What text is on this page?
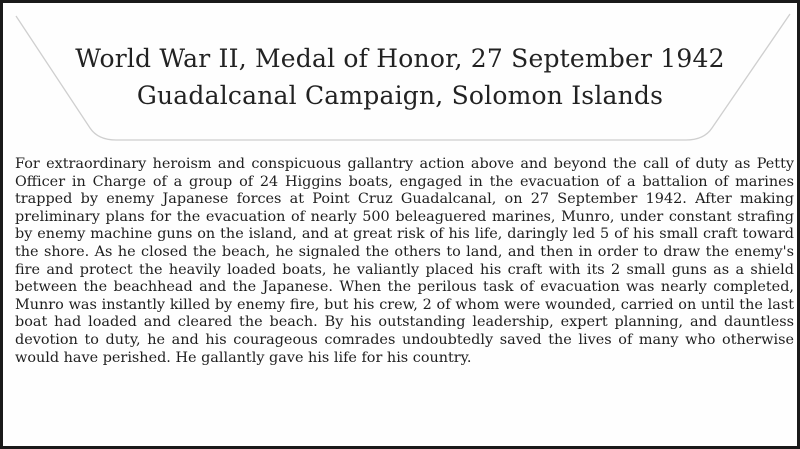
World War II, Medal of Honor, 27 September 1942
Guadalcanal Campaign, Solomon Islands

For extraordinary heroism and conspicuous gallantry action above and beyond the call of duty as Petty Officer in Charge of a group of 24 Higgins boats, engaged in the evacuation of a battalion of marines trapped by enemy Japanese forces at Point Cruz Guadalcanal, on 27 September 1942. After making preliminary plans for the evacuation of nearly 500 beleaguered marines, Munro, under constant strafing by enemy machine guns on the island, and at great risk of his life, daringly led 5 of his small craft toward the shore. As he closed the beach, he signaled the others to land, and then in order to draw the enemy's fire and protect the heavily loaded boats, he valiantly placed his craft with its 2 small guns as a shield between the beachhead and the Japanese. When the perilous task of evacuation was nearly completed, Munro was instantly killed by enemy fire, but his crew, 2 of whom were wounded, carried on until the last boat had loaded and cleared the beach. By his outstanding leadership, expert planning, and dauntless devotion to duty, he and his courageous comrades undoubtedly saved the lives of many who otherwise would have perished. He gallantly gave his life for his country.
